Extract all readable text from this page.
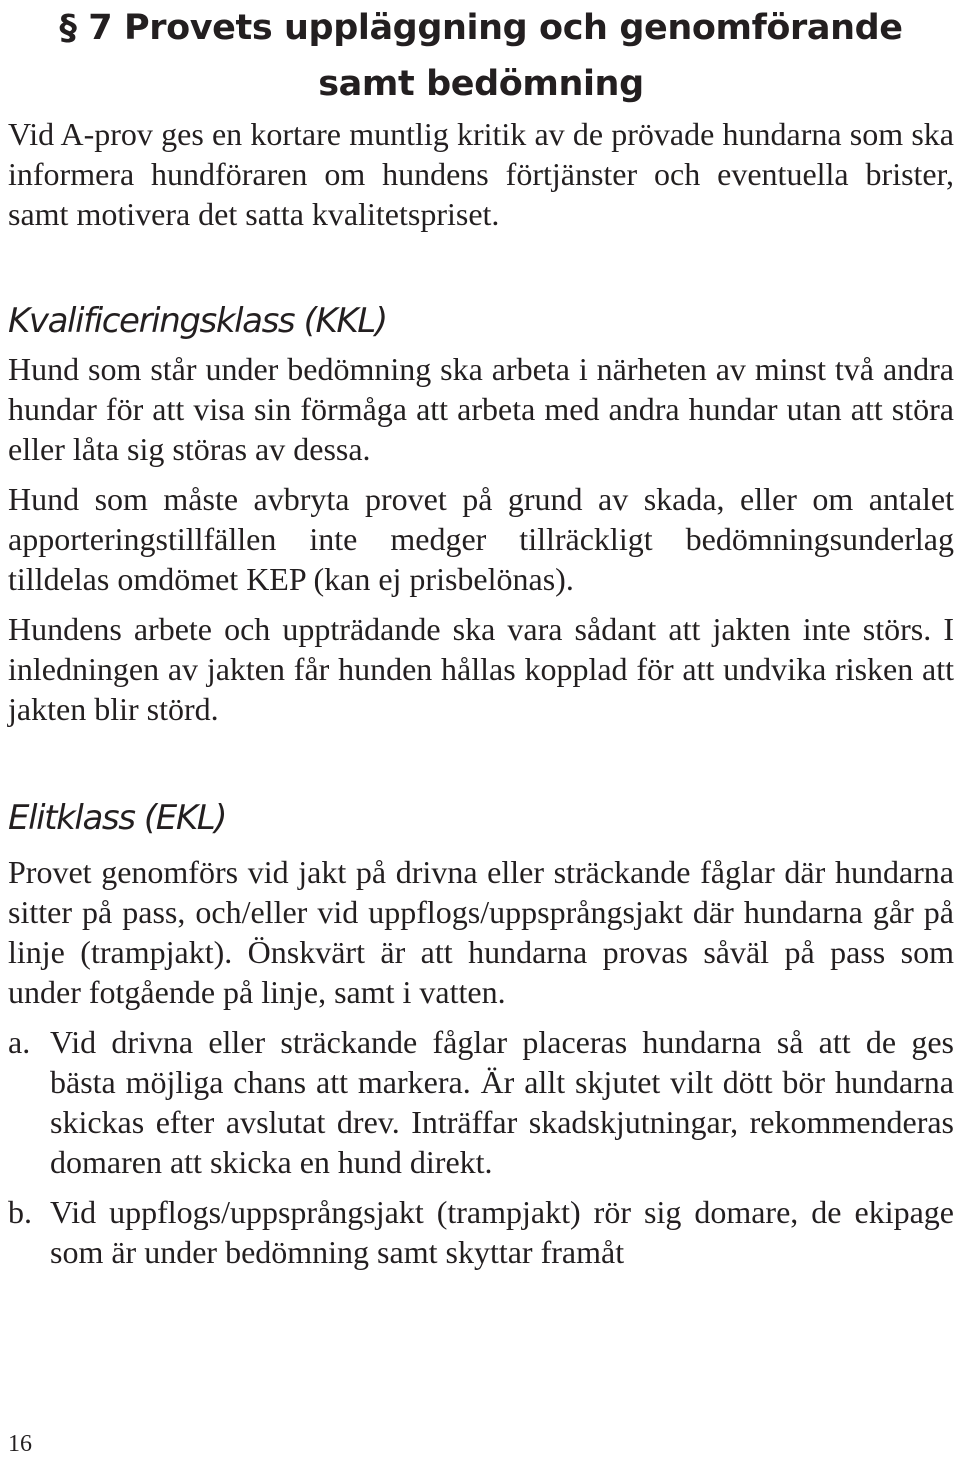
§ 7 Provets uppläggning och genomförande
samt bedömning

Vid A-prov ges en kortare muntlig kritik av de prövade hundarna som ska informera hundföraren om hundens förtjänster och eventuella brister, samt motivera det satta kvalitetspriset.

Kvalificeringsklass (KKL)

Hund som står under bedömning ska arbeta i närheten av minst två andra hundar för att visa sin förmåga att arbeta med andra hundar utan att störa eller låta sig störas av dessa.

Hund som måste avbryta provet på grund av skada, eller om antalet apporteringstillfällen inte medger tillräckligt bedömningsunderlag tilldelas omdömet KEP (kan ej prisbelönas).

Hundens arbete och uppträdande ska vara sådant att jakten inte störs. I inledningen av jakten får hunden hållas kopplad för att undvika risken att jakten blir störd.

Elitklass (EKL)

Provet genomförs vid jakt på drivna eller sträckande fåglar där hundarna sitter på pass, och/eller vid uppflogs/uppsprångsjakt där hundarna går på linje (trampjakt). Önskvärt är att hundarna provas såväl på pass som under fotgående på linje, samt i vatten.

a. Vid drivna eller sträckande fåglar placeras hundarna så att de ges bästa möjliga chans att markera. Är allt skjutet vilt dött bör hundarna skickas efter avslutat drev. Inträffar skadskjutningar, rekommenderas domaren att skicka en hund direkt.
b. Vid uppflogs/uppsprångsjakt (trampjakt) rör sig domare, de ekipage som är under bedömning samt skyttar framåt
16
